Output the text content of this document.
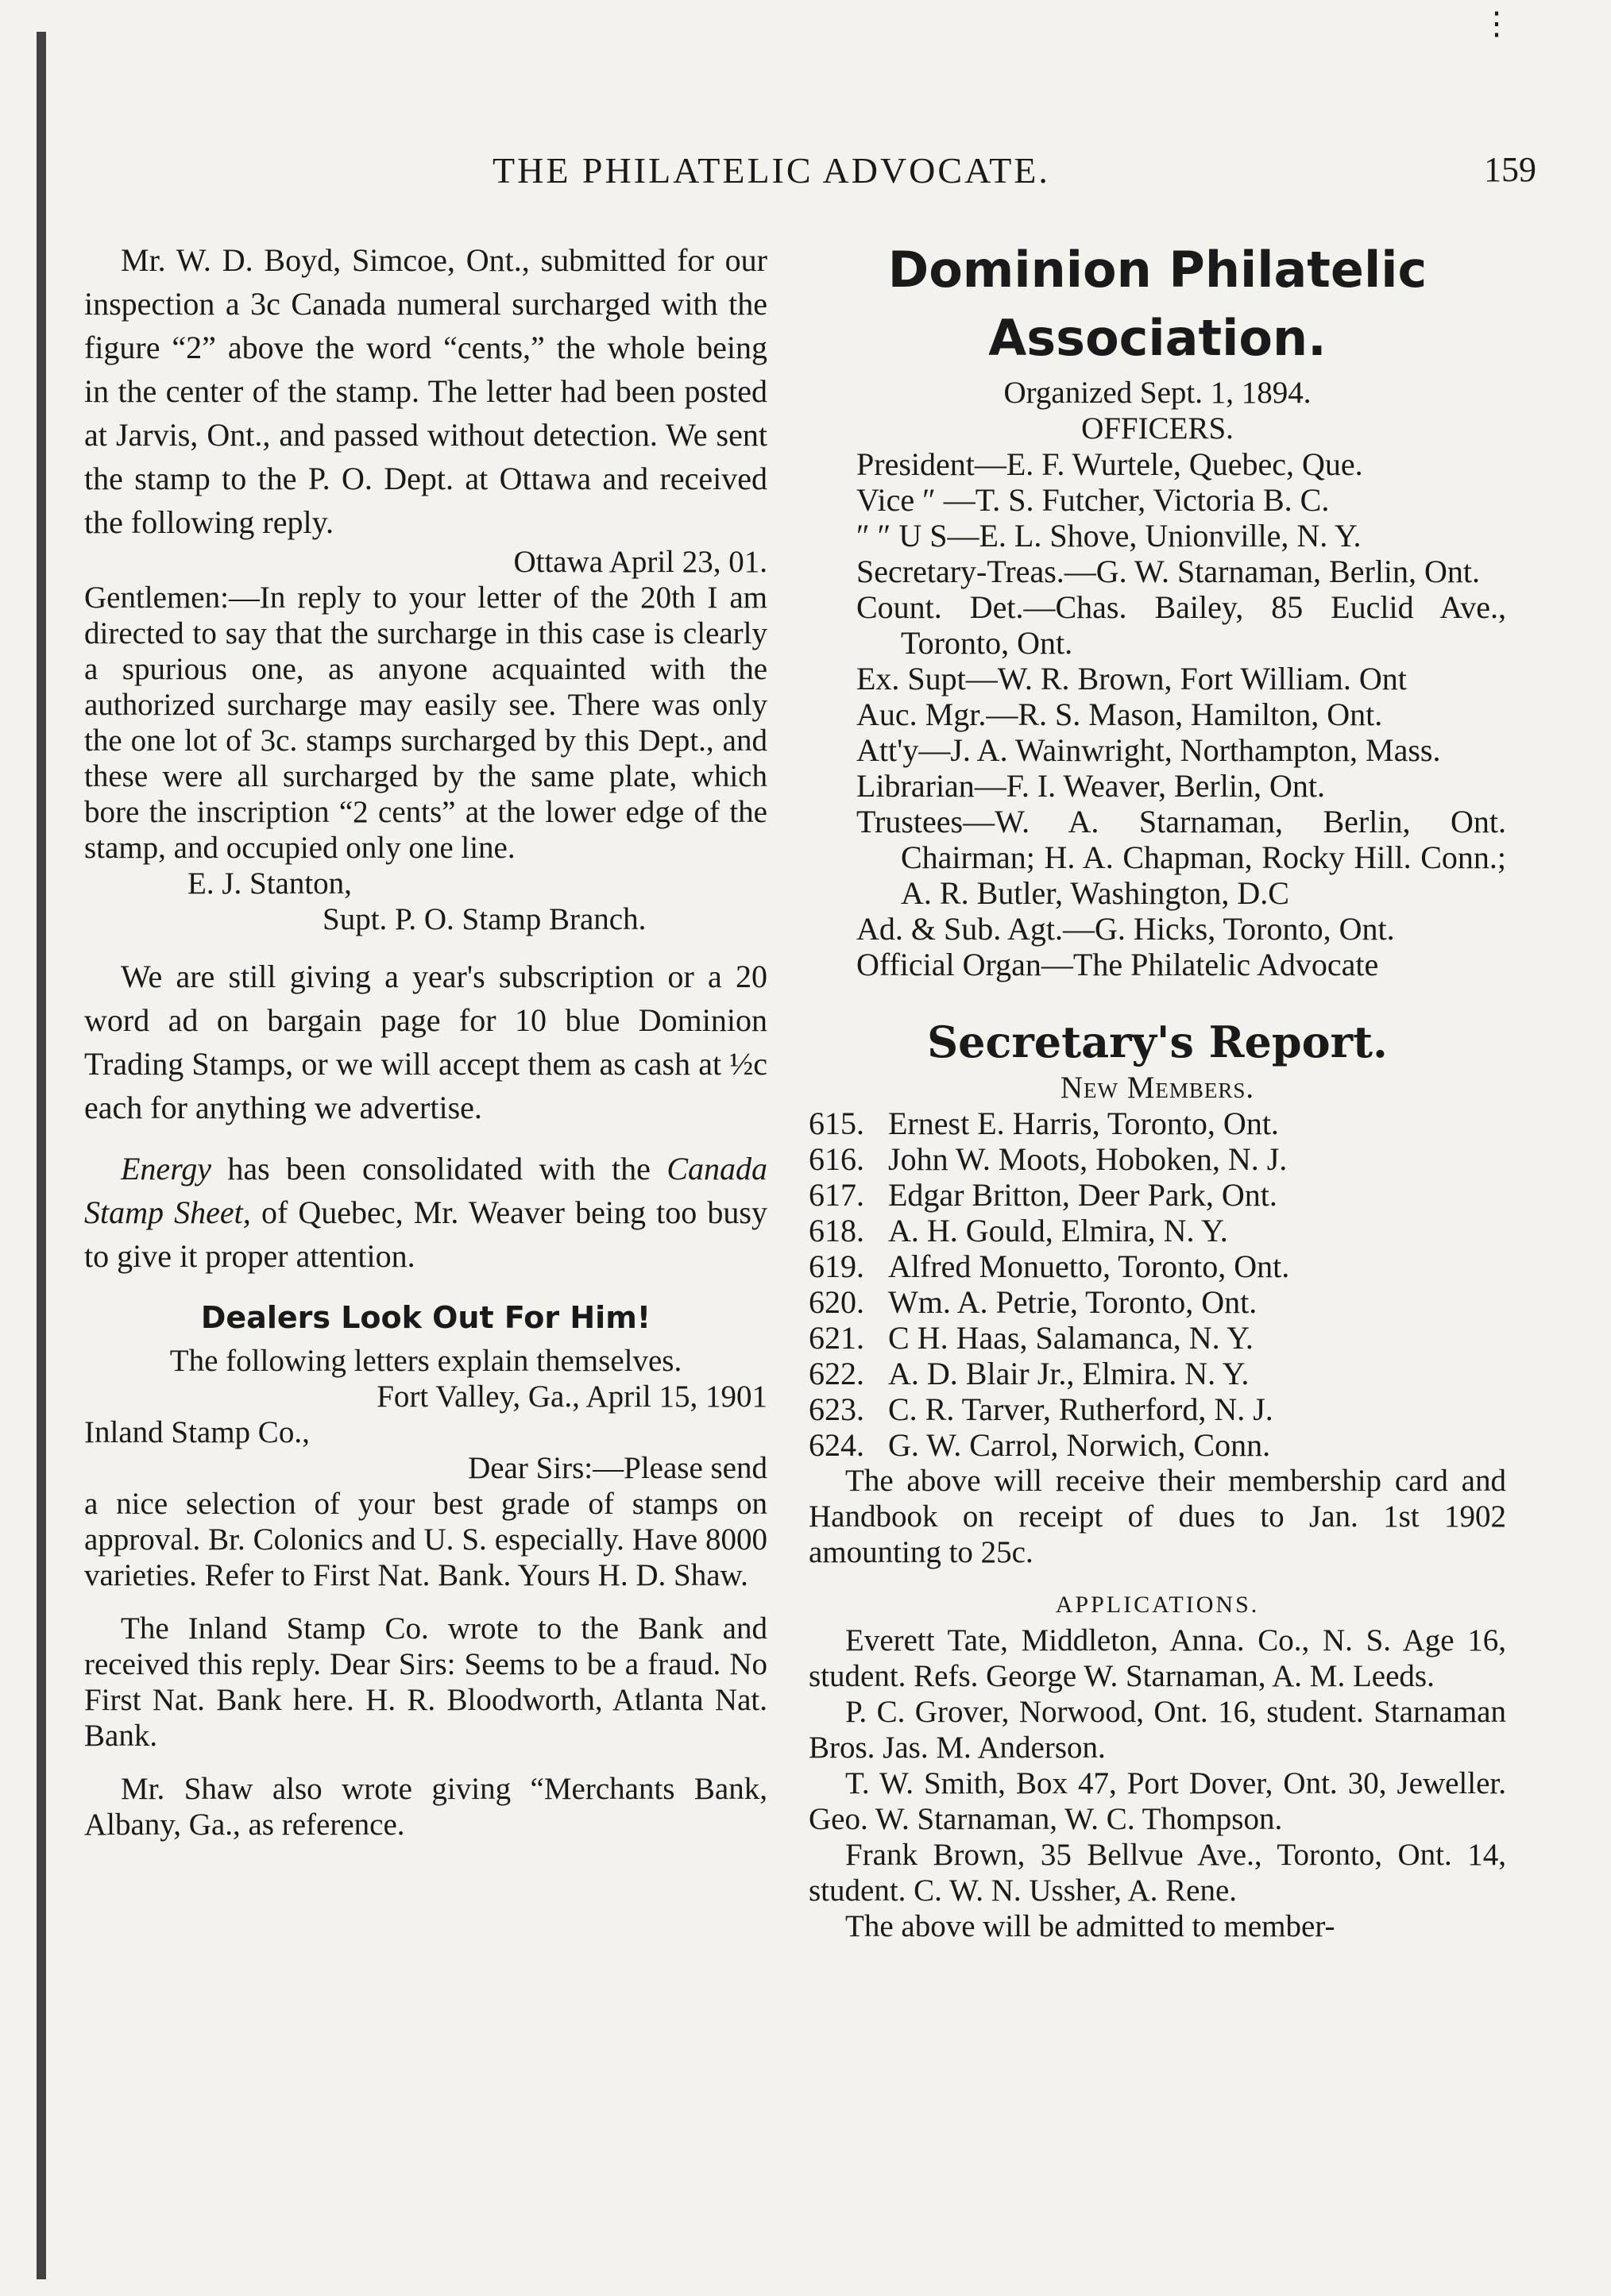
⋮
THE PHILATELIC ADVOCATE.	159

Mr. W. D. Boyd, Simcoe, Ont., submitted for our inspection a 3c Canada numeral surcharged with the figure “2” above the word “cents,” the whole being in the center of the stamp. The letter had been posted at Jarvis, Ont., and passed without detection. We sent the stamp to the P. O. Dept. at Ottawa and received the following reply.

Ottawa April 23, 01.

Gentlemen:—In reply to your letter of the 20th I am directed to say that the surcharge in this case is clearly a spurious one, as anyone acquainted with the authorized surcharge may easily see. There was only the one lot of 3c. stamps surcharged by this Dept., and these were all surcharged by the same plate, which bore the inscription “2 cents” at the lower edge of the stamp, and occupied only one line.

E. J. Stanton,

Supt. P. O. Stamp Branch.

We are still giving a year's subscription or a 20 word ad on bargain page for 10 blue Dominion Trading Stamps, or we will accept them as cash at ½c each for anything we advertise.

Energy has been consolidated with the Canada Stamp Sheet, of Quebec, Mr. Weaver being too busy to give it proper attention.

Dealers Look Out For Him!

The following letters explain themselves.

Fort Valley, Ga., April 15, 1901

Inland Stamp Co.,

Dear Sirs:—Please send

a nice selection of your best grade of stamps on approval. Br. Colonics and U. S. especially. Have 8000 varieties. Refer to First Nat. Bank. Yours H. D. Shaw.

The Inland Stamp Co. wrote to the Bank and received this reply. Dear Sirs: Seems to be a fraud. No First Nat. Bank here. H. R. Bloodworth, Atlanta Nat. Bank.

Mr. Shaw also wrote giving “Merchants Bank, Albany, Ga., as reference.

Dominion Philatelic
Association.

Organized Sept. 1, 1894.

OFFICERS.

President—E. F. Wurtele, Quebec, Que.

Vice ″ —T. S. Futcher, Victoria B. C.

″ ″ U S—E. L. Shove, Unionville, N. Y.

Secretary-Treas.—G. W. Starnaman, Berlin, Ont.

Count. Det.—Chas. Bailey, 85 Euclid Ave., Toronto, Ont.

Ex. Supt—W. R. Brown, Fort William. Ont

Auc. Mgr.—R. S. Mason, Hamilton, Ont.

Att'y—J. A. Wainwright, Northampton, Mass.

Librarian—F. I. Weaver, Berlin, Ont.

Trustees—W. A. Starnaman, Berlin, Ont. Chairman; H. A. Chapman, Rocky Hill. Conn.; A. R. Butler, Washington, D.C

Ad. & Sub. Agt.—G. Hicks, Toronto, Ont.

Official Organ—The Philatelic Advocate

Secretary's Report.

New Members.

615. Ernest E. Harris, Toronto, Ont.

616. John W. Moots, Hoboken, N. J.

617. Edgar Britton, Deer Park, Ont.

618. A. H. Gould, Elmira, N. Y.

619. Alfred Monuetto, Toronto, Ont.

620. Wm. A. Petrie, Toronto, Ont.

621. C H. Haas, Salamanca, N. Y.

622. A. D. Blair Jr., Elmira. N. Y.

623. C. R. Tarver, Rutherford, N. J.

624. G. W. Carrol, Norwich, Conn.

The above will receive their membership card and Handbook on receipt of dues to Jan. 1st 1902 amounting to 25c.

APPLICATIONS.

Everett Tate, Middleton, Anna. Co., N. S. Age 16, student. Refs. George W. Starnaman, A. M. Leeds.

P. C. Grover, Norwood, Ont. 16, student. Starnaman Bros. Jas. M. Anderson.

T. W. Smith, Box 47, Port Dover, Ont. 30, Jeweller. Geo. W. Starnaman, W. C. Thompson.

Frank Brown, 35 Bellvue Ave., Toronto, Ont. 14, student. C. W. N. Ussher, A. Rene.

The above will be admitted to member-
